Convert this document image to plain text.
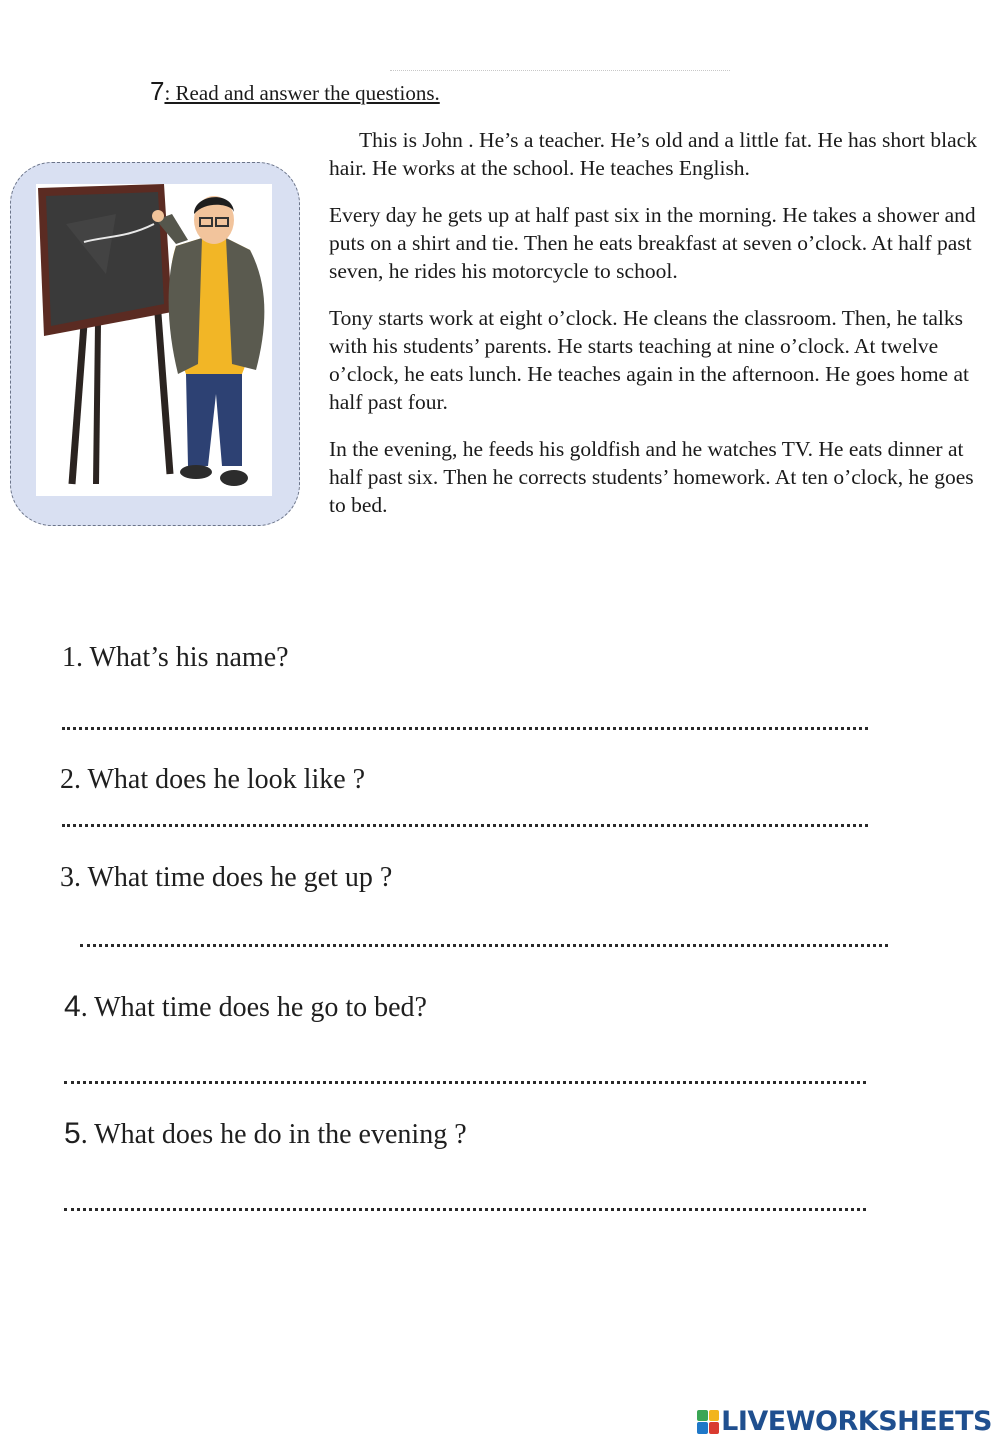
7: Read and answer the questions.

This is John . He’s a teacher. He’s old and a little fat. He has short black hair. He works at the school. He teaches English.

Every day he gets up at half past six in the morning. He takes a shower and puts on a shirt and tie. Then he eats breakfast at seven o’clock. At half past seven, he rides his motorcycle to school.

Tony starts work at eight o’clock. He cleans the classroom. Then, he talks with his students’ parents. He starts teaching at nine o’clock. At twelve o’clock, he eats lunch. He teaches again in the afternoon. He goes home at half past four.

In the evening, he feeds his goldfish and he watches TV. He eats dinner at half past six. Then he corrects students’ homework. At ten o’clock, he goes to bed.

1. What’s his name?
2. What does he look like ?
3. What time does he get up ?
4. What time does he go to bed?
5. What does he do in the evening ?
LIVEWORKSHEETS
